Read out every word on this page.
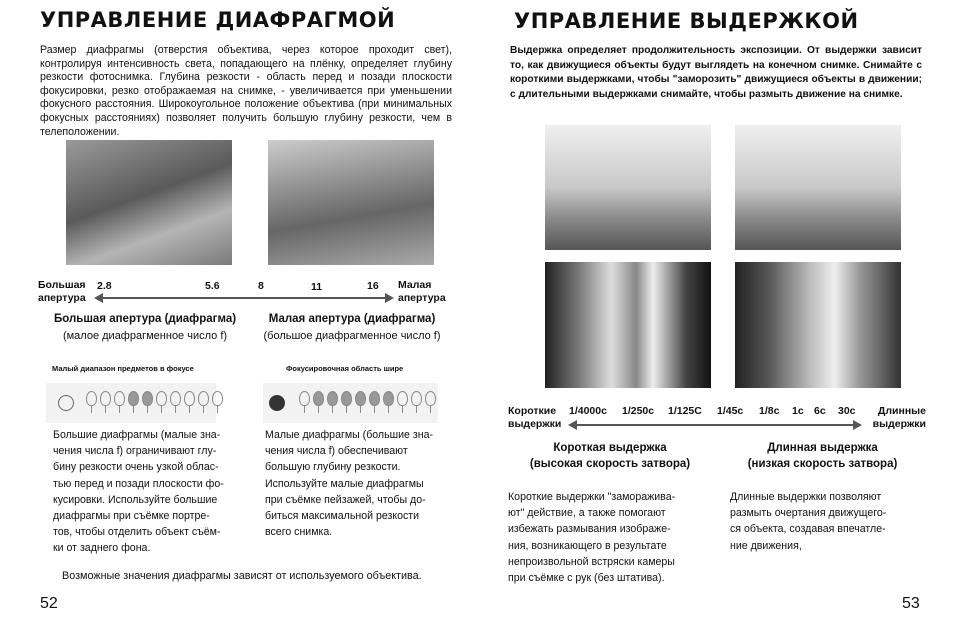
УПРАВЛЕНИЕ ДИАФРАГМОЙ
Размер диафрагмы (отверстия объектива, через которое проходит свет), контролируя интенсивность света, попадающего на плёнку, определяет глубину резкости фотоснимка. Глубина резкости - область перед и позади плоскости фокусировки, резко отображаемая на снимке, - увеличивается при уменьшении фокусного расстояния. Широкоугольное положение объектива (при минимальных фокусных расстояниях) позволяет получить большую глубину резкости, чем в телеположении.
Большая апертура
Малая апертура
2.8	5.6	8	11	16
Большая апертура (диафрагма)
(малое диафрагменное число f)
Малая апертура (диафрагма)
(большое диафрагменное число f)
Малый диапазон предметов в фокусе	Фокусировочная область шире
Большие диафрагмы (малые зна-
чения числа f) ограничивают глу-
бину резкости очень узкой облас-
тью перед и позади плоскости фо-
кусировки. Используйте большие
диафрагмы при съёмке портре-
тов, чтобы отделить объект съём-
ки от заднего фона.
Малые диафрагмы (большие зна-
чения числа f) обеспечивают
большую глубину резкости.
Используйте малые диафрагмы
при съёмке пейзажей, чтобы до-
биться максимальной резкости
всего снимка.
Возможные значения диафрагмы зависят от используемого объектива.
52
УПРАВЛЕНИЕ ВЫДЕРЖКОЙ
Выдержка определяет продолжительность экспозиции. От выдержки зависит то, как движущиеся объекты будут выглядеть на конечном снимке. Снимайте с короткими выдержками, чтобы "заморозить" движущиеся объекты в движении; с длительными выдержками снимайте, чтобы размыть движение на снимке.
Короткие выдержки
Длинные выдержки
1/4000c 1/250c 1/125C 1/45c 1/8c 1c 6c 30c
Короткая выдержка
(высокая скорость затвора)
Длинная выдержка
(низкая скорость затвора)
Короткие выдержки "замораживa-
ют" действие, а также помогают
избежать размывания изображе-
ния, возникающего в результате
непроизвольной встряски камеры
при съёмке с рук (без штатива).
Длинные выдержки позволяют
размыть очертания движущего-
ся объекта, создавая впечатле-
ние движения,
53
